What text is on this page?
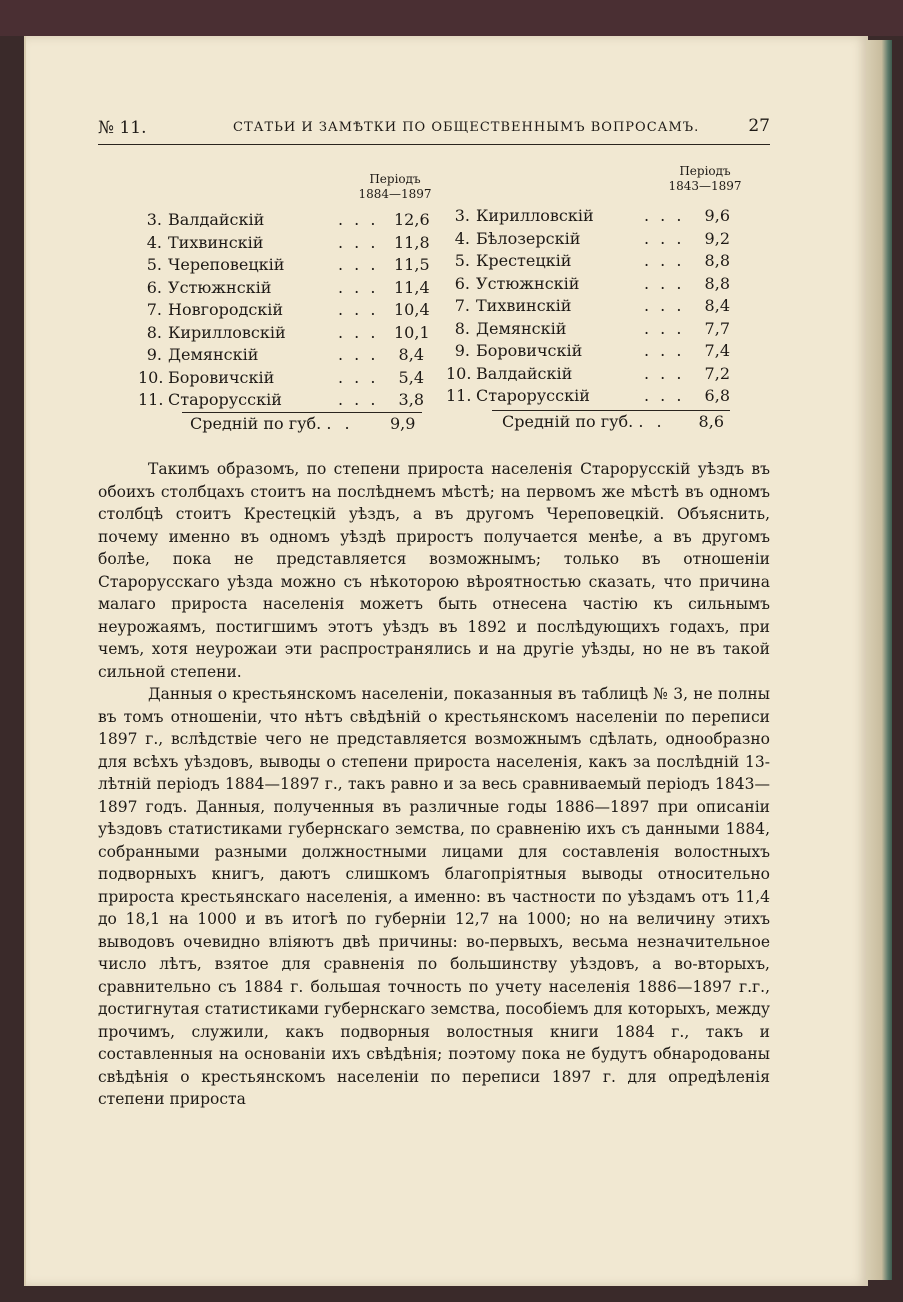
№ 11.	СТАТЬИ И ЗАМѢТКИ ПО ОБЩЕСТВЕННЫМЪ ВОПРОСАМЪ.	27
Періодъ
1884—1897
3. Валдайскій	. . . 12,6
4. Тихвинскій	. . . 11,8
5. Череповецкій	. . . 11,5
6. Устюжнскій	. . . 11,4
7. Новгородскій	. . . 10,4
8. Кирилловскій	. . . 10,1
9. Демянскій	. . . 8,4
10. Боровичскій	. . . 5,4
11. Старорусскій	. . . 3,8
Средній по губ. . . 9,9
Періодъ
1843—1897
3. Кирилловскій	. . . 9,6
4. Бѣлозерскій	. . . 9,2
5. Крестецкій	. . . 8,8
6. Устюжнскій	. . . 8,8
7. Тихвинскій	. . . 8,4
8. Демянскій	. . . 7,7
9. Боровичскій	. . . 7,4
10. Валдайскій	. . . 7,2
11. Старорусскій	. . . 6,8
Средній по губ. . . 8,6

Такимъ образомъ, по степени прироста населенія Старорусскій уѣздъ въ обоихъ столбцахъ стоитъ на послѣднемъ мѣстѣ; на первомъ же мѣстѣ въ одномъ столбцѣ стоитъ Крестецкій уѣздъ, а въ другомъ Череповецкій. Объяснить, почему именно въ одномъ уѣздѣ приростъ получается менѣе, а въ другомъ болѣе, пока не представляется возможнымъ; только въ отношеніи Старорусскаго уѣзда можно съ нѣкоторою вѣроятностью сказать, что причина малаго прироста населенія можетъ быть отнесена частію къ сильнымъ неурожаямъ, постигшимъ этотъ уѣздъ въ 1892 и послѣдующихъ годахъ, при чемъ, хотя неурожаи эти распространялись и на другіе уѣзды, но не въ такой сильной степени.

Данныя о крестьянскомъ населеніи, показанныя въ таблицѣ № 3, не полны въ томъ отношеніи, что нѣтъ свѣдѣній о крестьянскомъ населеніи по переписи 1897 г., вслѣдствіе чего не представляется возможнымъ сдѣлать, однообразно для всѣхъ уѣздовъ, выводы о степени прироста населенія, какъ за послѣдній 13-лѣтній періодъ 1884—1897 г., такъ равно и за весь сравниваемый періодъ 1843—1897 годъ. Данныя, полученныя въ различные годы 1886—1897 при описаніи уѣздовъ статистиками губернскаго земства, по сравненію ихъ съ данными 1884, собранными разными должностными лицами для составленія волостныхъ подворныхъ книгъ, даютъ слишкомъ благопріятныя выводы относительно прироста крестьянскаго населенія, а именно: въ частности по уѣздамъ отъ 11,4 до 18,1 на 1000 и въ итогѣ по губерніи 12,7 на 1000; но на величину этихъ выводовъ очевидно вліяютъ двѣ причины: во-первыхъ, весьма незначительное число лѣтъ, взятое для сравненія по большинству уѣздовъ, а во-вторыхъ, сравнительно съ 1884 г. большая точность по учету населенія 1886—1897 г.г., достигнутая статистиками губернскаго земства, пособіемъ для которыхъ, между прочимъ, служили, какъ подворныя волостныя книги 1884 г., такъ и составленныя на основаніи ихъ свѣдѣнія; поэтому пока не будутъ обнародованы свѣдѣнія о крестьянскомъ населеніи по переписи 1897 г. для опредѣленія степени прироста
